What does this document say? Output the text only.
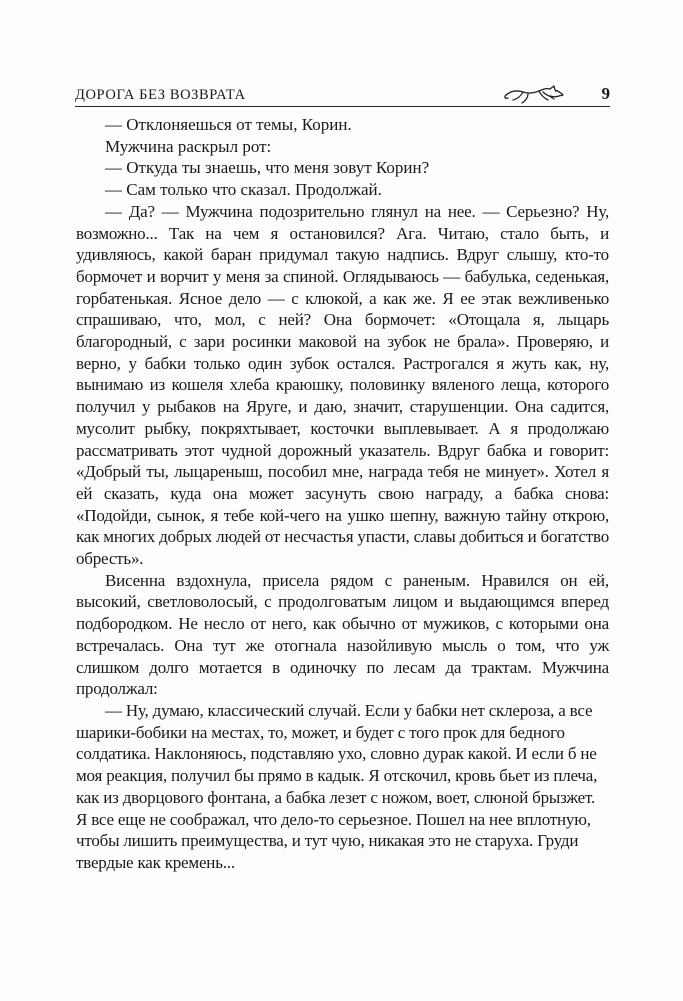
ДОРОГА БЕЗ ВОЗВРАТА	9

— Отклоняешься от темы, Корин.

Мужчина раскрыл рот:

— Откуда ты знаешь, что меня зовут Корин?

— Сам только что сказал. Продолжай.

— Да? — Мужчина подозрительно глянул на нее. — Серьезно? Ну, возможно... Так на чем я остановился? Ага. Читаю, стало быть, и удивляюсь, какой баран придумал такую надпись. Вдруг слышу, кто-то бормочет и ворчит у меня за спиной. Оглядываюсь — бабулька, седенькая, горбатенькая. Ясное дело — с клюкой, а как же. Я ее этак вежливенько спрашиваю, что, мол, с ней? Она бормочет: «Отощала я, лыцарь благородный, с зари росинки маковой на зубок не брала». Проверяю, и верно, у бабки только один зубок остался. Растрогался я жуть как, ну, вынимаю из кошеля хлеба краюшку, половинку вяленого леща, которого получил у рыбаков на Яруге, и даю, значит, старушенции. Она садится, мусолит рыбку, покряхтывает, косточки выплевывает. А я продолжаю рассматривать этот чудной дорожный указатель. Вдруг бабка и говорит: «Добрый ты, лыцареныш, пособил мне, награда тебя не минует». Хотел я ей сказать, куда она может засунуть свою награду, а бабка снова: «Подойди, сынок, я тебе кой-чего на ушко шепну, важную тайну открою, как многих добрых людей от несчастья упасти, славы добиться и богатство обресть».

Висенна вздохнула, присела рядом с раненым. Нравился он ей, высокий, светловолосый, с продолговатым лицом и выдающимся вперед подбородком. Не несло от него, как обычно от мужиков, с которыми она встречалась. Она тут же отогнала назойливую мысль о том, что уж слишком долго мотается в одиночку по лесам да трактам. Мужчина продолжал:

— Ну, думаю, классический случай. Если у бабки нет склероза, а все шарики-бобики на местах, то, может, и будет с того прок для бедного солдатика. Наклоняюсь, подставляю ухо, словно дурак какой. И если б не моя реакция, получил бы прямо в кадык. Я отскочил, кровь бьет из плеча, как из дворцового фонтана, а бабка лезет с ножом, воет, слюной брызжет. Я все еще не соображал, что дело-то серьезное. Пошел на нее вплотную, чтобы лишить преимущества, и тут чую, никакая это не старуха. Груди твердые как кремень...
